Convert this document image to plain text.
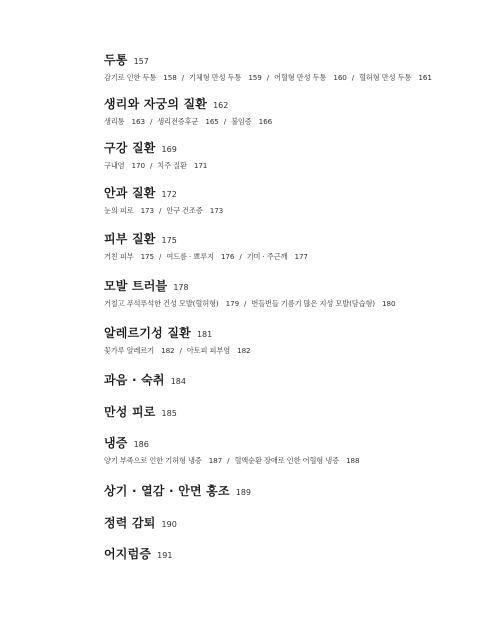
두통 157
감기로 인한 두통 158 / 기체형 만성 두통 159 / 어혈형 만성 두통 160 / 혈허형 만성 두통 161
생리와 자궁의 질환 162
생리통 163 / 생리전증후군 165 / 불임증 166
구강 질환 169
구내염 170 / 치주 질환 171
안과 질환 172
눈의 피로 173 / 안구 건조증 173
피부 질환 175
거친 피부 175 / 여드름 · 뾰루지 176 / 기미 · 주근깨 177
모발 트러블 178
거칠고 푸석푸석한 건성 모발(혈허형) 179 / 번들번들 기름기 많은 지성 모발(담습형) 180
알레르기성 질환 181
꽃가루 알레르기 182 / 아토피 피부염 182
과음 · 숙취 184
만성 피로 185
냉증 186
양기 부족으로 인한 기허형 냉증 187 / 혈액순환 장애로 인한 어혈형 냉증 188
상기 · 열감 · 안면 홍조 189
정력 감퇴 190
어지럼증 191
